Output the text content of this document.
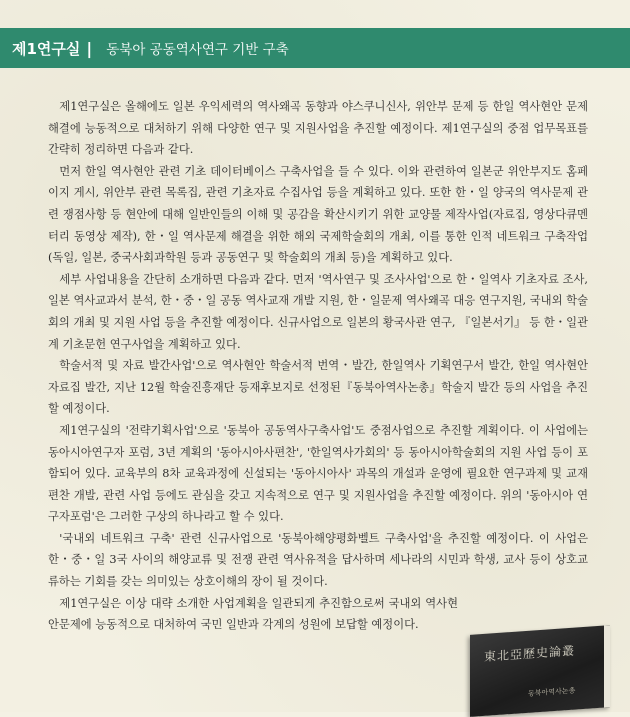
제1연구실 | 동북아 공동역사연구 기반 구축

제1연구실은 올해에도 일본 우익세력의 역사왜곡 동향과 야스쿠니신사, 위안부 문제 등 한일 역사현안 문제 해결에 능동적으로 대처하기 위해 다양한 연구 및 지원사업을 추진할 예정이다. 제1연구실의 중점 업무목표를 간략히 정리하면 다음과 같다.

먼저 한일 역사현안 관련 기초 데이터베이스 구축사업을 들 수 있다. 이와 관련하여 일본군 위안부지도 홈페이지 게시, 위안부 관련 목록집, 관련 기초자료 수집사업 등을 계획하고 있다. 또한 한・일 양국의 역사문제 관련 쟁점사항 등 현안에 대해 일반인들의 이해 및 공감을 확산시키기 위한 교양물 제작사업(자료집, 영상다큐멘터리 동영상 제작), 한・일 역사문제 해결을 위한 해외 국제학술회의 개최, 이를 통한 인적 네트워크 구축작업(독일, 일본, 중국사회과학원 등과 공동연구 및 학술회의 개최 등)을 계획하고 있다.

세부 사업내용을 간단히 소개하면 다음과 같다. 먼저 '역사연구 및 조사사업'으로 한・일역사 기초자료 조사, 일본 역사교과서 분석, 한・중・일 공동 역사교재 개발 지원, 한・일문제 역사왜곡 대응 연구지원, 국내외 학술회의 개최 및 지원 사업 등을 추진할 예정이다. 신규사업으로 일본의 황국사관 연구, 『일본서기』 등 한・일관계 기초문헌 연구사업을 계획하고 있다.

학술서적 및 자료 발간사업'으로 역사현안 학술서적 번역・발간, 한일역사 기획연구서 발간, 한일 역사현안 자료집 발간, 지난 12월 학술진흥재단 등재후보지로 선정된『동북아역사논총』학술지 발간 등의 사업을 추진할 예정이다.

제1연구실의 '전략기획사업'으로 '동북아 공동역사구축사업'도 중점사업으로 추진할 계획이다. 이 사업에는 동아시아연구자 포럼, 3년 계획의 '동아시아사편찬', '한일역사가회의' 등 동아시아학술회의 지원 사업 등이 포함되어 있다. 교육부의 8차 교육과정에 신설되는 '동아시아사' 과목의 개설과 운영에 필요한 연구과제 및 교재편찬 개발, 관련 사업 등에도 관심을 갖고 지속적으로 연구 및 지원사업을 추진할 예정이다. 위의 '동아시아 연구자포럼'은 그러한 구상의 하나라고 할 수 있다.

'국내외 네트워크 구축' 관련 신규사업으로 '동북아해양평화벨트 구축사업'을 추진할 예정이다. 이 사업은 한・중・일 3국 사이의 해양교류 및 전쟁 관련 역사유적을 답사하며 세나라의 시민과 학생, 교사 등이 상호교류하는 기회를 갖는 의미있는 상호이해의 장이 될 것이다.

제1연구실은 이상 대략 소개한 사업계획을 일관되게 추진함으로써 국내외 역사현안문제에 능동적으로 대처하여 국민 일반과 각계의 성원에 보답할 예정이다.

東北亞歷史論叢
동북아역사논총
